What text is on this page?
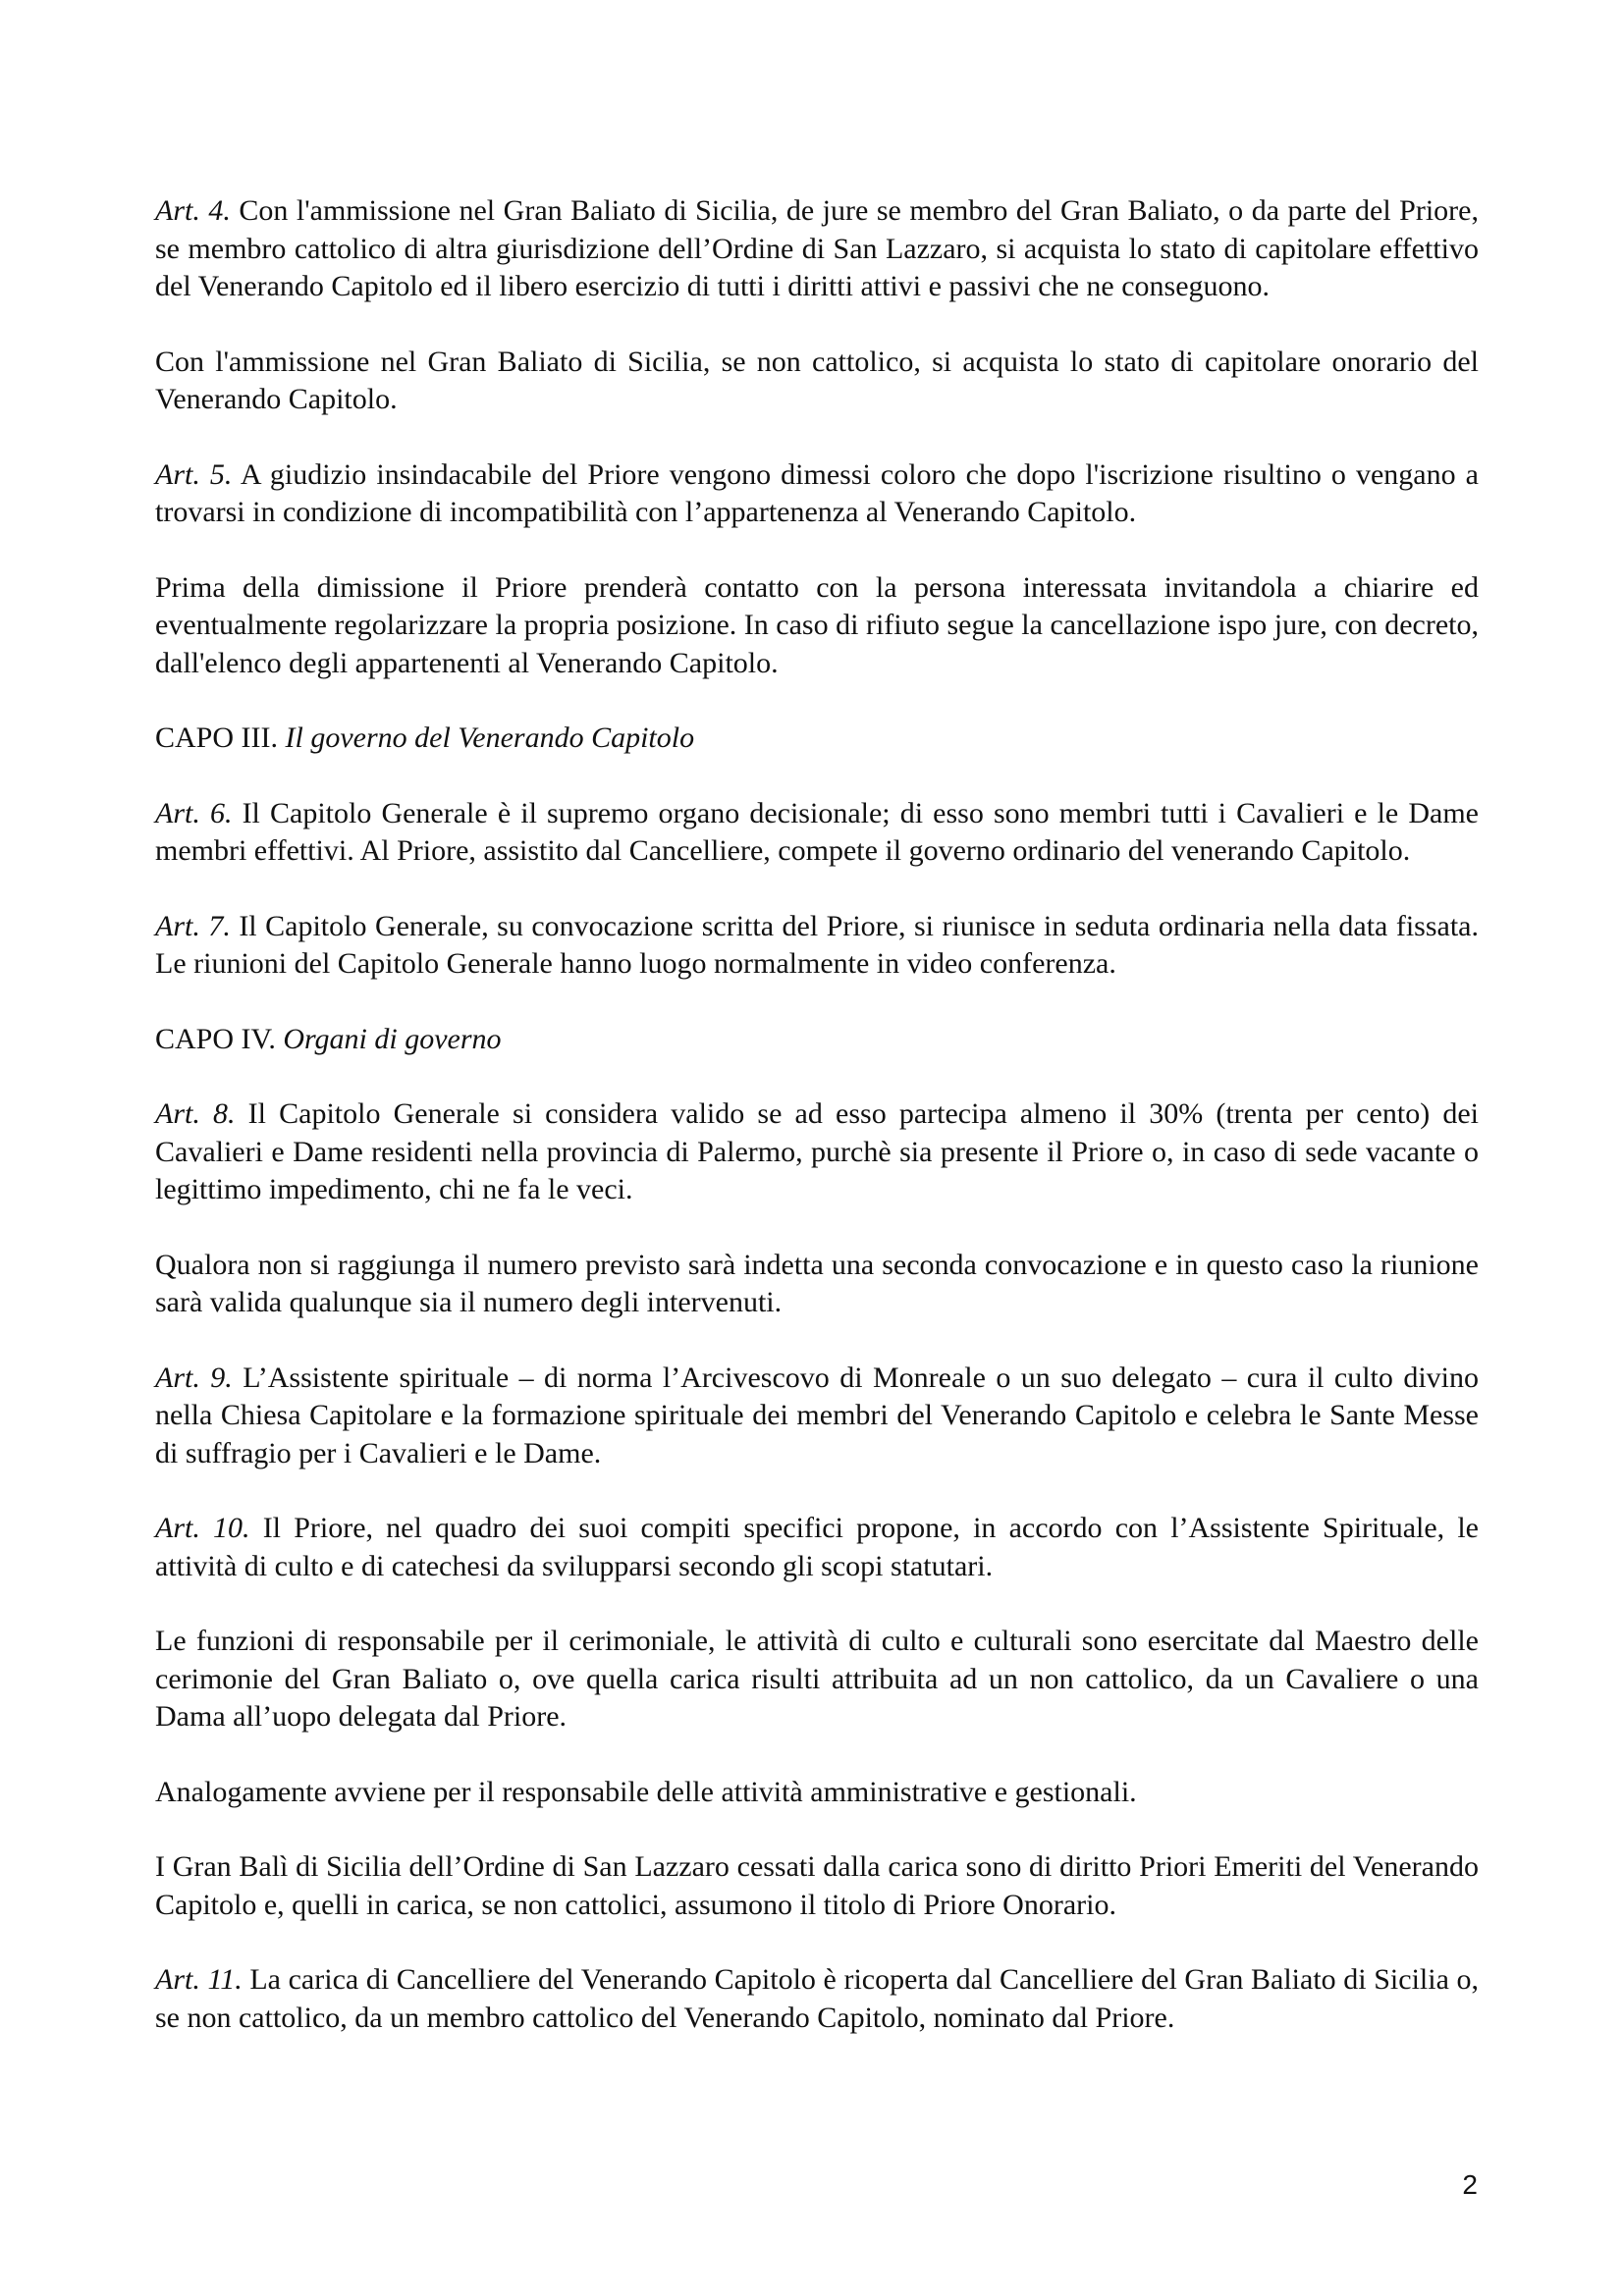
Art. 4. Con l'ammissione nel Gran Baliato di Sicilia, de jure se membro del Gran Baliato, o da parte del Priore, se membro cattolico di altra giurisdizione dell’Ordine di San Lazzaro, si acquista lo stato di capitolare effettivo del Venerando Capitolo ed il libero esercizio di tutti i diritti attivi e passivi che ne conseguono.

Con l'ammissione nel Gran Baliato di Sicilia, se non cattolico, si acquista lo stato di capitolare onorario del Venerando Capitolo.

Art. 5. A giudizio insindacabile del Priore vengono dimessi coloro che dopo l'iscrizione risultino o vengano a trovarsi in condizione di incompatibilità con l’appartenenza al Venerando Capitolo.

Prima della dimissione il Priore prenderà contatto con la persona interessata invitandola a chiarire ed eventualmente regolarizzare la propria posizione. In caso di rifiuto segue la cancellazione ispo jure, con decreto, dall'elenco degli appartenenti al Venerando Capitolo.

CAPO III. Il governo del Venerando Capitolo

Art. 6. Il Capitolo Generale è il supremo organo decisionale; di esso sono membri tutti i Cavalieri e le Dame membri effettivi. Al Priore, assistito dal Cancelliere, compete il governo ordinario del venerando Capitolo.

Art. 7. Il Capitolo Generale, su convocazione scritta del Priore, si riunisce in seduta ordinaria nella data fissata. Le riunioni del Capitolo Generale hanno luogo normalmente in video conferenza.

CAPO IV. Organi di governo

Art. 8. Il Capitolo Generale si considera valido se ad esso partecipa almeno il 30% (trenta per cento) dei Cavalieri e Dame residenti nella provincia di Palermo, purchè sia presente il Priore o, in caso di sede vacante o legittimo impedimento, chi ne fa le veci.

Qualora non si raggiunga il numero previsto sarà indetta una seconda convocazione e in questo caso la riunione sarà valida qualunque sia il numero degli intervenuti.

Art. 9. L’Assistente spirituale – di norma l’Arcivescovo di Monreale o un suo delegato – cura il culto divino nella Chiesa Capitolare e la formazione spirituale dei membri del Venerando Capitolo e celebra le Sante Messe di suffragio per i Cavalieri e le Dame.

Art. 10. Il Priore, nel quadro dei suoi compiti specifici propone, in accordo con l’Assistente Spirituale, le attività di culto e di catechesi da svilupparsi secondo gli scopi statutari.

Le funzioni di responsabile per il cerimoniale, le attività di culto e culturali sono esercitate dal Maestro delle cerimonie del Gran Baliato o, ove quella carica risulti attribuita ad un non cattolico, da un Cavaliere o una Dama all’uopo delegata dal Priore.

Analogamente avviene per il responsabile delle attività amministrative e gestionali.

I Gran Balì di Sicilia dell’Ordine di San Lazzaro cessati dalla carica sono di diritto Priori Emeriti del Venerando Capitolo e, quelli in carica, se non cattolici, assumono il titolo di Priore Onorario.

Art. 11. La carica di Cancelliere del Venerando Capitolo è ricoperta dal Cancelliere del Gran Baliato di Sicilia o, se non cattolico, da un membro cattolico del Venerando Capitolo, nominato dal Priore.

2
